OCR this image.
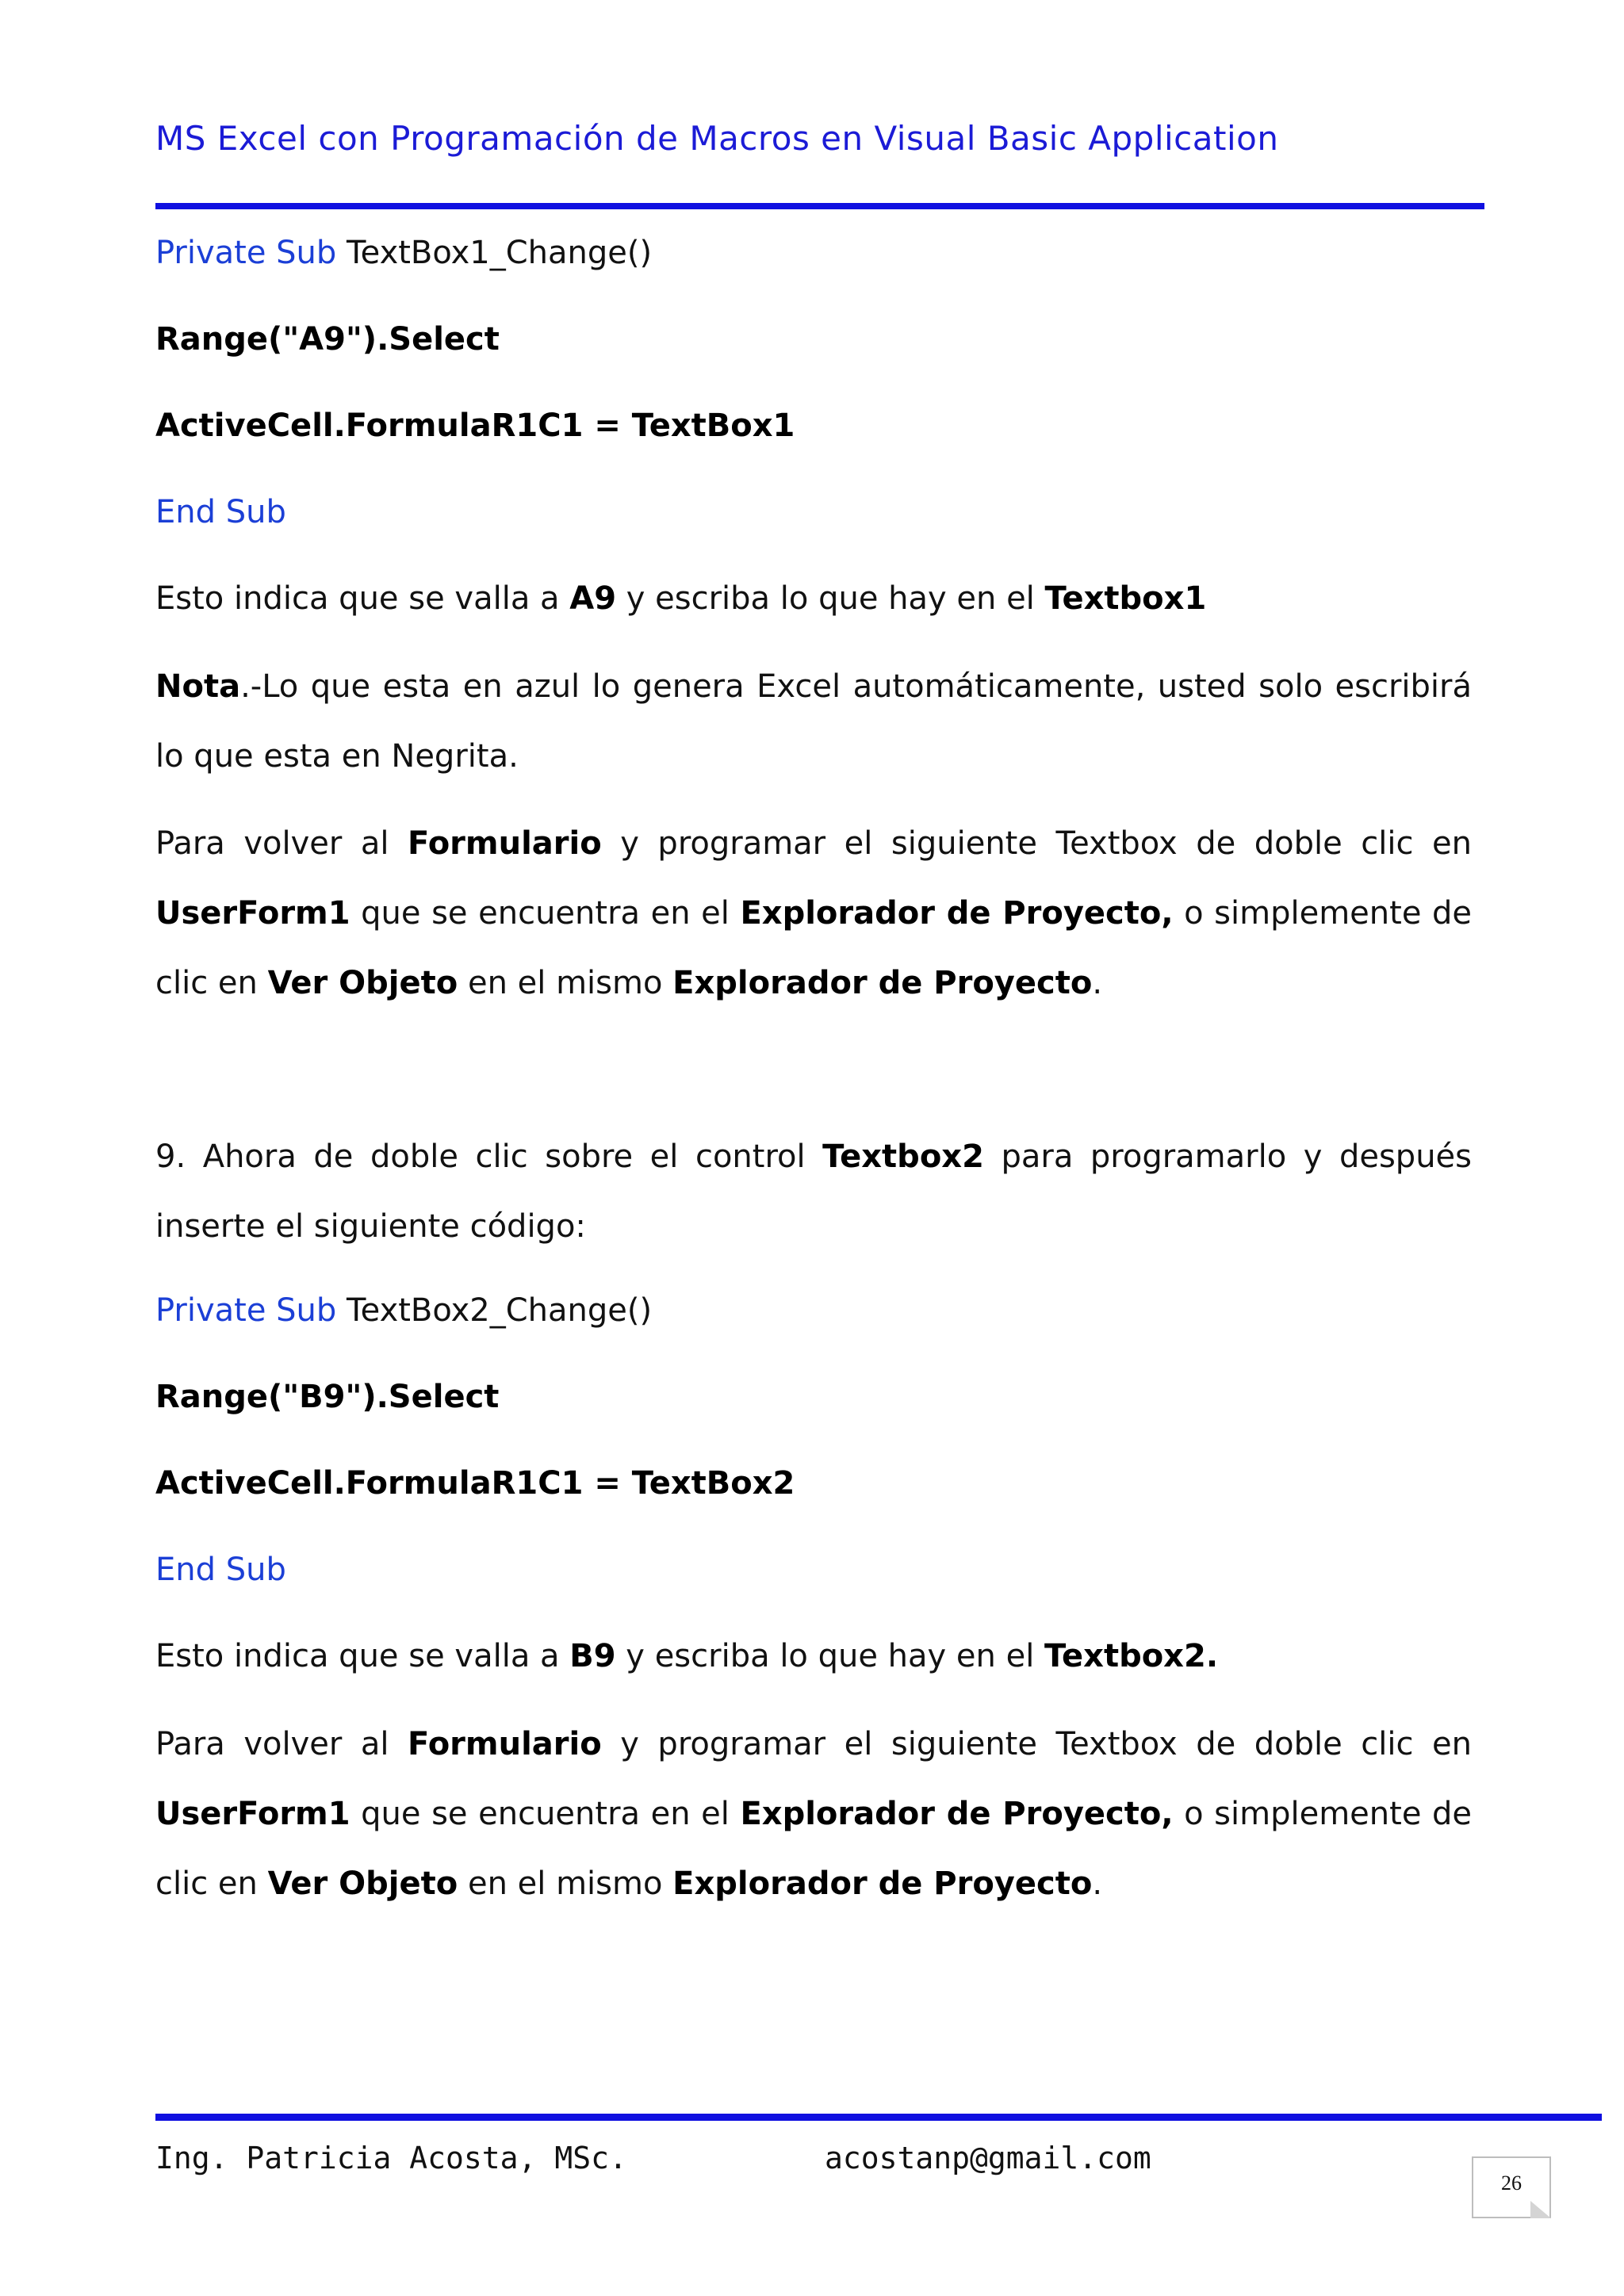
MS Excel con Programación de Macros en Visual Basic Application
Private Sub TextBox1_Change()
Range("A9").Select
ActiveCell.FormulaR1C1 = TextBox1
End Sub
Esto indica que se valla a A9 y escriba lo que hay en el Textbox1
Nota.-Lo que esta en azul lo genera Excel automáticamente, usted solo escribirá lo que esta en Negrita.
Para volver al Formulario y programar el siguiente Textbox de doble clic en UserForm1 que se encuentra en el Explorador de Proyecto, o simplemente de clic en Ver Objeto en el mismo Explorador de Proyecto.
9. Ahora de doble clic sobre el control Textbox2 para programarlo y después inserte el siguiente código:
Private Sub TextBox2_Change()
Range("B9").Select
ActiveCell.FormulaR1C1 = TextBox2
End Sub
Esto indica que se valla a B9 y escriba lo que hay en el Textbox2.
Para volver al Formulario y programar el siguiente Textbox de doble clic en UserForm1 que se encuentra en el Explorador de Proyecto, o simplemente de clic en Ver Objeto en el mismo Explorador de Proyecto.
Ing. Patricia Acosta, MSc.	acostanp@gmail.com
26
